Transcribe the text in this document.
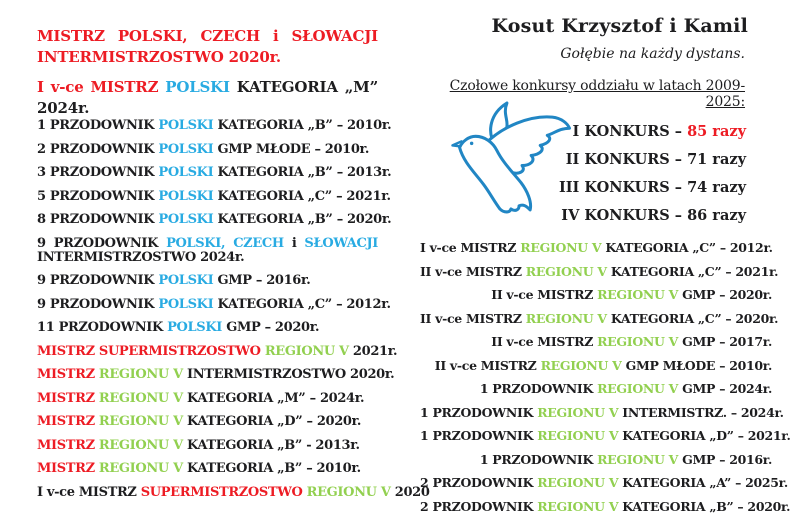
MISTRZ POLSKI, CZECH i SŁOWACJI INTERMISTRZOSTWO 2020r.

I v-ce MISTRZ POLSKI KATEGORIA „M” 2024r.

1 PRZODOWNIK POLSKI KATEGORIA „B” – 2010r.

2 PRZODOWNIK POLSKI GMP MŁODE – 2010r.

3 PRZODOWNIK POLSKI KATEGORIA „B” – 2013r.

5 PRZODOWNIK POLSKI KATEGORIA „C” – 2021r.

8 PRZODOWNIK POLSKI KATEGORIA „B” – 2020r.

9 PRZODOWNIK POLSKI, CZECH i SŁOWACJI INTERMISTRZOSTWO 2024r.

9 PRZODOWNIK POLSKI GMP – 2016r.

9 PRZODOWNIK POLSKI KATEGORIA „C” – 2012r.

11 PRZODOWNIK POLSKI GMP – 2020r.

MISTRZ SUPERMISTRZOSTWO REGIONU V 2021r.

MISTRZ REGIONU V INTERMISTRZOSTWO 2020r.

MISTRZ REGIONU V KATEGORIA „M” – 2024r.

MISTRZ REGIONU V KATEGORIA „D” – 2020r.

MISTRZ REGIONU V KATEGORIA „B” - 2013r.

MISTRZ REGIONU V KATEGORIA „B” – 2010r.

I v-ce MISTRZ SUPERMISTRZOSTWO REGIONU V 2020

Kosut Krzysztof i Kamil
Gołębie na każdy dystans.
Czołowe konkursy oddziału w latach 2009-2025:

I KONKURS – 85 razy

II KONKURS – 71 razy

III KONKURS – 74 razy

IV KONKURS – 86 razy

I v-ce MISTRZ REGIONU V KATEGORIA „C” – 2012r.

II v-ce MISTRZ REGIONU V KATEGORIA „C” – 2021r.

II v-ce MISTRZ REGIONU V GMP – 2020r.

II v-ce MISTRZ REGIONU V KATEGORIA „C” – 2020r.

II v-ce MISTRZ REGIONU V GMP – 2017r.

II v-ce MISTRZ REGIONU V GMP MŁODE – 2010r.

1 PRZODOWNIK REGIONU V GMP – 2024r.

1 PRZODOWNIK REGIONU V INTERMISTRZ. – 2024r.

1 PRZODOWNIK REGIONU V KATEGORIA „D” – 2021r.

1 PRZODOWNIK REGIONU V GMP – 2016r.

2 PRZODOWNIK REGIONU V KATEGORIA „A” – 2025r.

2 PRZODOWNIK REGIONU V KATEGORIA „B” – 2020r.
